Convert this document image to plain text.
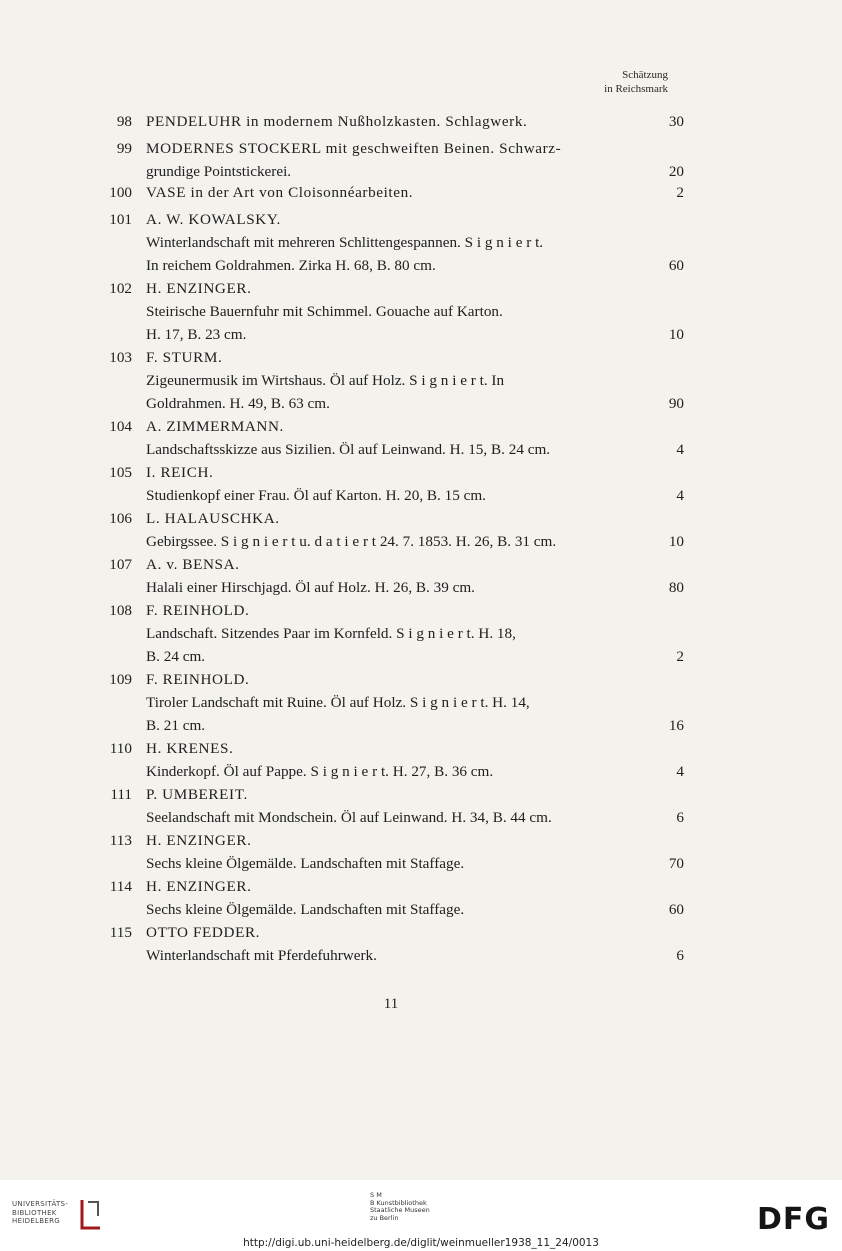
Schätzung
in Reichsmark
98 PENDELUHR in modernem Nußholzkasten. Schlagwerk.	30
99 MODERNES STOCKERL mit geschweiften Beinen. Schwarz-
grundige Pointstickerei.	20
100 VASE in der Art von Cloisonnéarbeiten.	2
101 A. W. KOWALSKY.
Winterlandschaft mit mehreren Schlittengespannen. S i g n i e r t.
In reichem Goldrahmen. Zirka H. 68, B. 80 cm.	60
102 H. ENZINGER.
Steirische Bauernfuhr mit Schimmel. Gouache auf Karton.
H. 17, B. 23 cm.	10
103 F. STURM.
Zigeunermusik im Wirtshaus. Öl auf Holz. S i g n i e r t. In
Goldrahmen. H. 49, B. 63 cm.	90
104 A. ZIMMERMANN.
Landschaftsskizze aus Sizilien. Öl auf Leinwand. H. 15, B. 24 cm.	4
105 I. REICH.
Studienkopf einer Frau. Öl auf Karton. H. 20, B. 15 cm.	4
106 L. HALAUSCHKA.
Gebirgssee. S i g n i e r t u. d a t i e r t 24. 7. 1853. H. 26, B. 31 cm.	10
107 A. v. BENSA.
Halali einer Hirschjagd. Öl auf Holz. H. 26, B. 39 cm.	80
108 F. REINHOLD.
Landschaft. Sitzendes Paar im Kornfeld. S i g n i e r t. H. 18,
B. 24 cm.	2
109 F. REINHOLD.
Tiroler Landschaft mit Ruine. Öl auf Holz. S i g n i e r t. H. 14,
B. 21 cm.	16
110 H. KRENES.
Kinderkopf. Öl auf Pappe. S i g n i e r t. H. 27, B. 36 cm.	4
111 P. UMBEREIT.
Seelandschaft mit Mondschein. Öl auf Leinwand. H. 34, B. 44 cm.	6
113 H. ENZINGER.
Sechs kleine Ölgemälde. Landschaften mit Staffage.	70
114 H. ENZINGER.
Sechs kleine Ölgemälde. Landschaften mit Staffage.	60
115 OTTO FEDDER.
Winterlandschaft mit Pferdefuhrwerk.	6
11
UNIVERSITÄTS-
BIBLIOTHEK
HEIDELBERG
S M
B Kunstbibliothek
Staatliche Museen
zu Berlin	DFG
http://digi.ub.uni-heidelberg.de/diglit/weinmueller1938_11_24/0013
